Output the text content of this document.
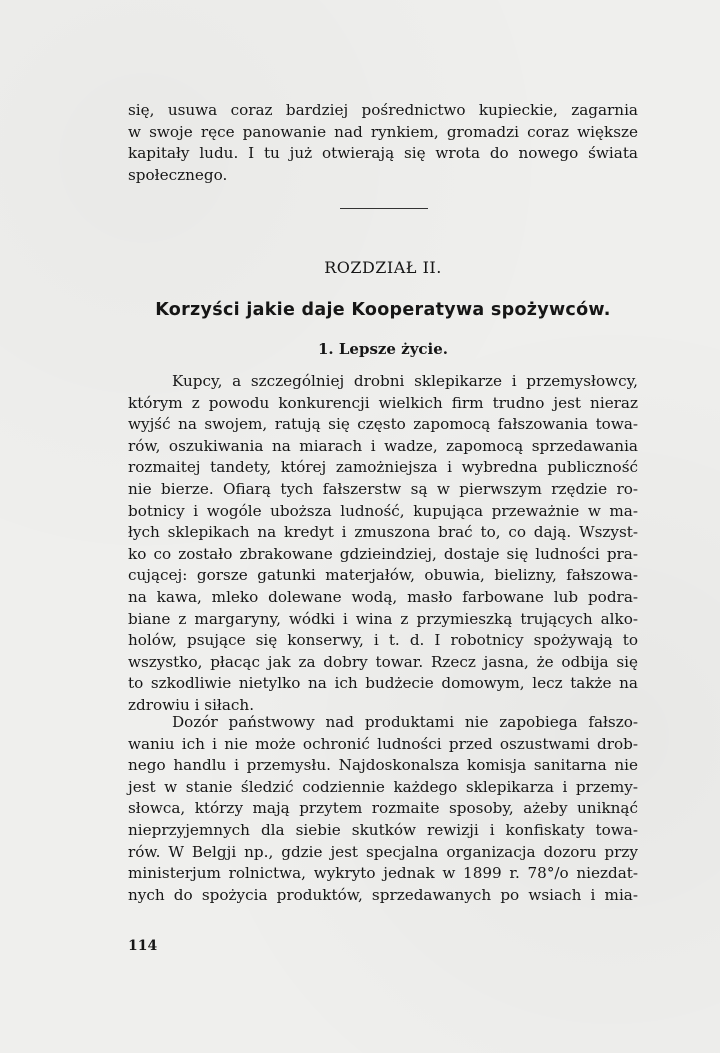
się, usuwa coraz bardziej pośrednictwo kupieckie, zagarnia
w swoje ręce panowanie nad rynkiem, gromadzi coraz większe
kapitały ludu. I tu już otwierają się wrota do nowego świata
społecznego.
ROZDZIAŁ II.
Korzyści jakie daje Kooperatywa spożywców.
1. Lepsze życie.
Kupcy, a szczególniej drobni sklepikarze i przemysłowcy,
którym z powodu konkurencji wielkich firm trudno jest nieraz
wyjść na swojem, ratują się często zapomocą fałszowania towa-
rów, oszukiwania na miarach i wadze, zapomocą sprzedawania
rozmaitej tandety, której zamożniejsza i wybredna publiczność
nie bierze. Ofiarą tych fałszerstw są w pierwszym rzędzie ro-
botnicy i wogóle uboższa ludność, kupująca przeważnie w ma-
łych sklepikach na kredyt i zmuszona brać to, co dają. Wszyst-
ko co zostało zbrakowane gdzieindziej, dostaje się ludności pra-
cującej: gorsze gatunki materjałów, obuwia, bielizny, fałszowa-
na kawa, mleko dolewane wodą, masło farbowane lub podra-
biane z margaryny, wódki i wina z przymieszką trujących alko-
holów, psujące się konserwy, i t. d. I robotnicy spożywają to
wszystko, płacąc jak za dobry towar. Rzecz jasna, że odbija się
to szkodliwie nietylko na ich budżecie domowym, lecz także na
zdrowiu i siłach.
Dozór państwowy nad produktami nie zapobiega fałszo-
waniu ich i nie może ochronić ludności przed oszustwami drob-
nego handlu i przemysłu. Najdoskonalsza komisja sanitarna nie
jest w stanie śledzić codziennie każdego sklepikarza i przemy-
słowca, którzy mają przytem rozmaite sposoby, ażeby uniknąć
nieprzyjemnych dla siebie skutków rewizji i konfiskaty towa-
rów. W Belgji np., gdzie jest specjalna organizacja dozoru przy
ministerjum rolnictwa, wykryto jednak w 1899 r. 78°/o niezdat-
nych do spożycia produktów, sprzedawanych po wsiach i mia-
114
